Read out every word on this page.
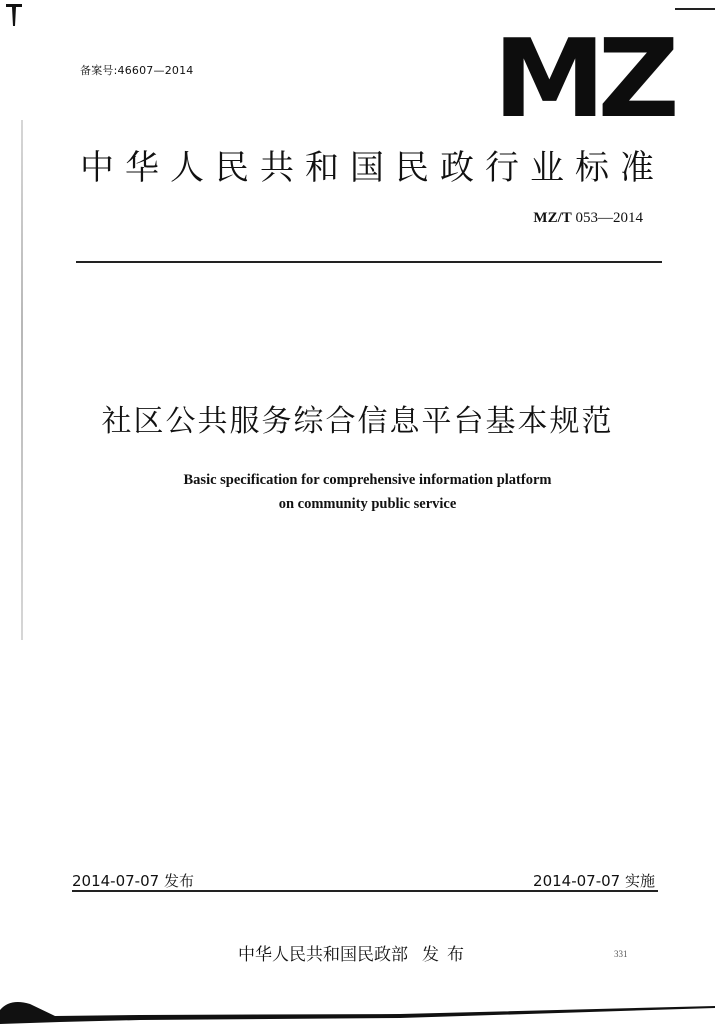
备案号:46607—2014	MZ
中华人民共和国民政行业标准
MZ/T 053—2014
社区公共服务综合信息平台基本规范
Basic specification for comprehensive information platform
on community public service
2014-07-07 发布	2014-07-07 实施
中华人民共和国民政部 发布	331
